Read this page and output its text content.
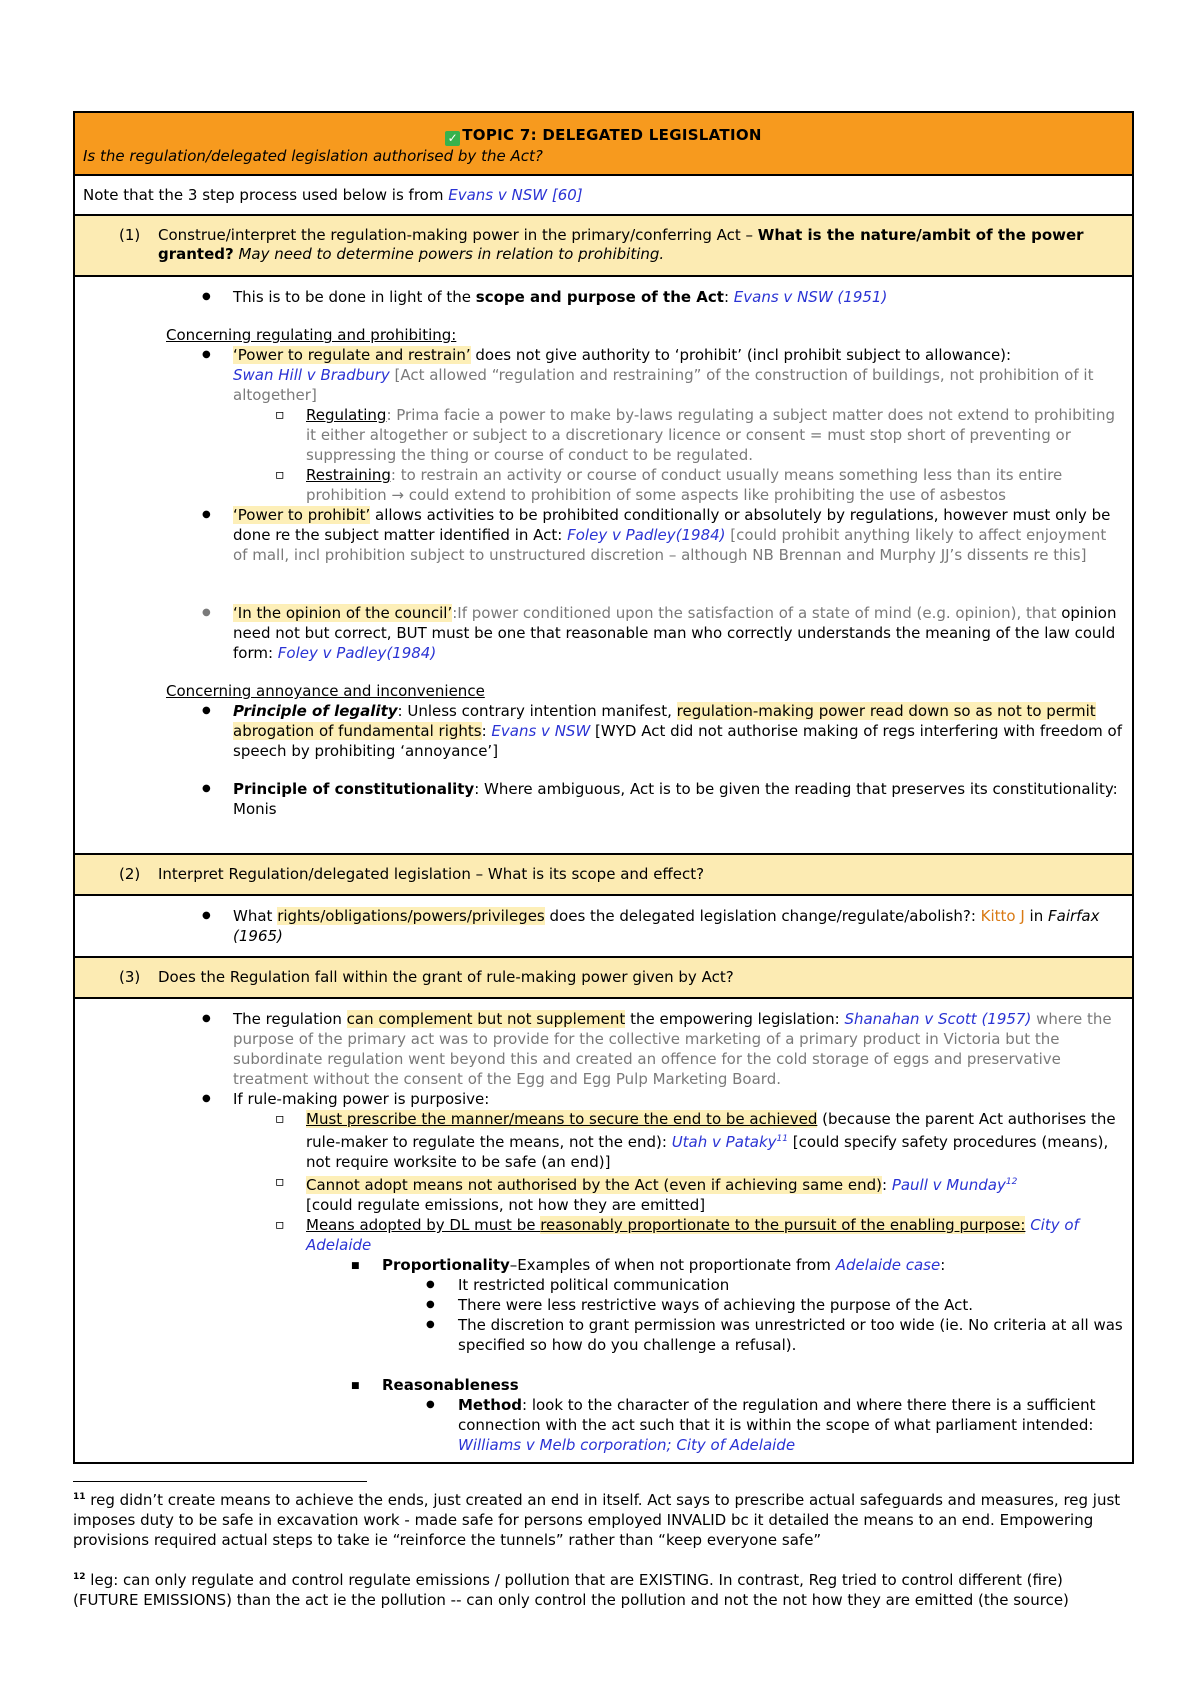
✓ TOPIC 7: DELEGATED LEGISLATION
Is the regulation/delegated legislation authorised by the Act?
Note that the 3 step process used below is from Evans v NSW [60]
(1) Construe/interpret the regulation-making power in the primary/conferring Act – What is the nature/ambit of the power granted? May need to determine powers in relation to prohibiting.
● This is to be done in light of the scope and purpose of the Act: Evans v NSW (1951)
Concerning regulating and prohibiting:
● ‘Power to regulate and restrain’ does not give authority to ‘prohibit’ (incl prohibit subject to allowance):
Swan Hill v Bradbury [Act allowed “regulation and restraining” of the construction of buildings, not prohibition of it altogether]
▫ Regulating: Prima facie a power to make by-laws regulating a subject matter does not extend to prohibiting it either altogether or subject to a discretionary licence or consent = must stop short of preventing or suppressing the thing or course of conduct to be regulated.
▫ Restraining: to restrain an activity or course of conduct usually means something less than its entire prohibition → could extend to prohibition of some aspects like prohibiting the use of asbestos
● ‘Power to prohibit’ allows activities to be prohibited conditionally or absolutely by regulations, however must only be done re the subject matter identified in Act: Foley v Padley(1984) [could prohibit anything likely to affect enjoyment of mall, incl prohibition subject to unstructured discretion – although NB Brennan and Murphy JJ’s dissents re this]
● ‘In the opinion of the council’:If power conditioned upon the satisfaction of a state of mind (e.g. opinion), that opinion need not but correct, BUT must be one that reasonable man who correctly understands the meaning of the law could form: Foley v Padley(1984)
Concerning annoyance and inconvenience
● Principle of legality: Unless contrary intention manifest, regulation-making power read down so as not to permit abrogation of fundamental rights: Evans v NSW [WYD Act did not authorise making of regs interfering with freedom of speech by prohibiting ‘annoyance’]
● Principle of constitutionality: Where ambiguous, Act is to be given the reading that preserves its constitutionality: Monis
(2) Interpret Regulation/delegated legislation – What is its scope and effect?
● What rights/obligations/powers/privileges does the delegated legislation change/regulate/abolish?: Kitto J in Fairfax (1965)
(3) Does the Regulation fall within the grant of rule-making power given by Act?
● The regulation can complement but not supplement the empowering legislation: Shanahan v Scott (1957) where the purpose of the primary act was to provide for the collective marketing of a primary product in Victoria but the subordinate regulation went beyond this and created an offence for the cold storage of eggs and preservative treatment without the consent of the Egg and Egg Pulp Marketing Board.
● If rule-making power is purposive:
▫ Must prescribe the manner/means to secure the end to be achieved (because the parent Act authorises the rule-maker to regulate the means, not the end): Utah v Pataky$^{11}$ [could specify safety procedures (means), not require worksite to be safe (an end)]
▫ Cannot adopt means not authorised by the Act (even if achieving same end): Paull v Munday$^{12}$
[could regulate emissions, not how they are emitted]
▫ Means adopted by DL must be reasonably proportionate to the pursuit of the enabling purpose: City of Adelaide
■ Proportionality–Examples of when not proportionate from Adelaide case:
● It restricted political communication
● There were less restrictive ways of achieving the purpose of the Act.
● The discretion to grant permission was unrestricted or too wide (ie. No criteria at all was specified so how do you challenge a refusal).
■ Reasonableness
● Method: look to the character of the regulation and where there there is a sufficient connection with the act such that it is within the scope of what parliament intended: Williams v Melb corporation; City of Adelaide
$^{11}$ reg didn’t create means to achieve the ends, just created an end in itself. Act says to prescribe actual safeguards and measures, reg just imposes duty to be safe in excavation work - made safe for persons employed INVALID bc it detailed the means to an end. Empowering provisions required actual steps to take ie “reinforce the tunnels” rather than “keep everyone safe”
$^{12}$ leg: can only regulate and control regulate emissions / pollution that are EXISTING. In contrast, Reg tried to control different (fire) (FUTURE EMISSIONS) than the act ie the pollution -- can only control the pollution and not the not how they are emitted (the source)
